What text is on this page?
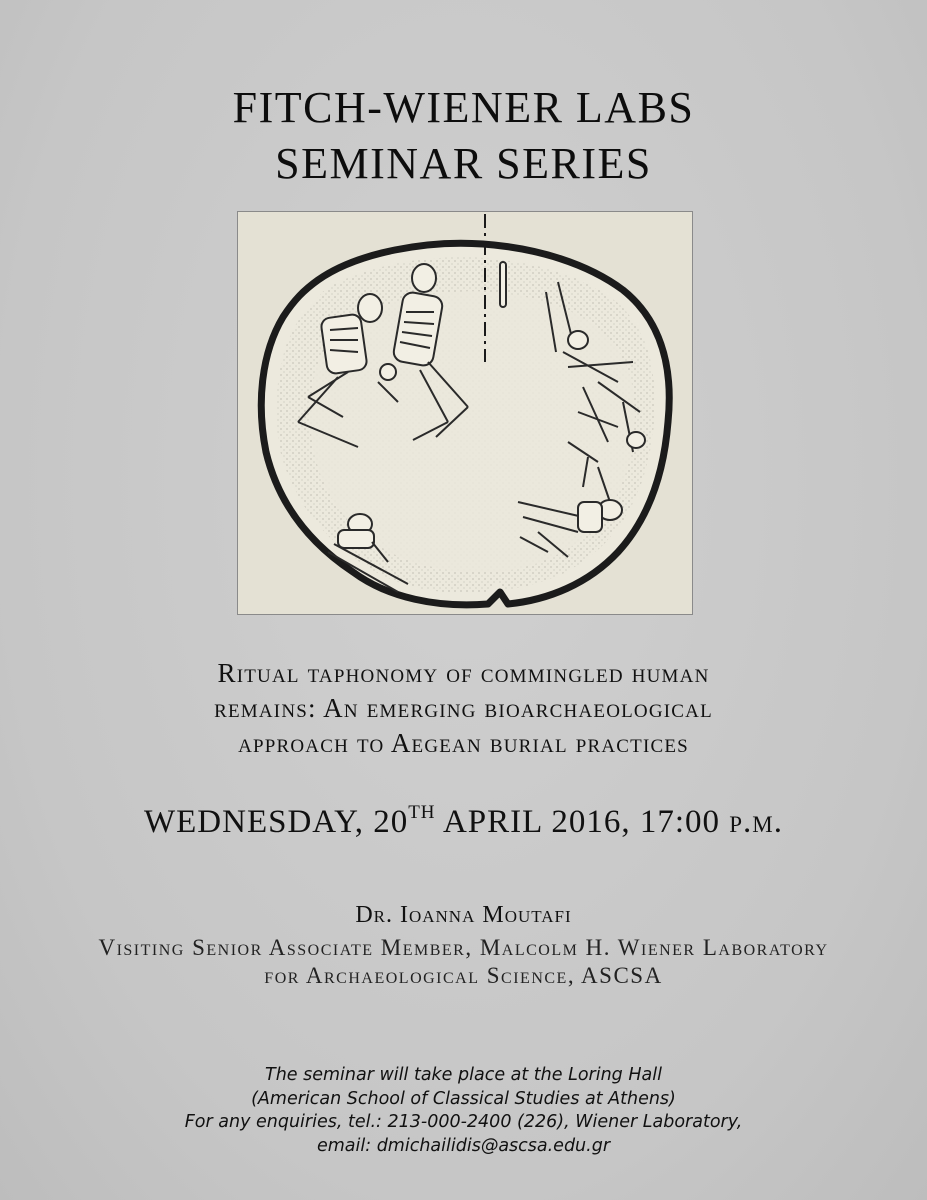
FITCH-WIENER LABS
SEMINAR SERIES
Ritual taphonomy of commingled human
remains: An emerging bioarchaeological
approach to Aegean burial practices
WEDNESDAY, 20TH APRIL 2016, 17:00 p.m.
Dr. Ioanna Moutafi
Visiting Senior Associate Member, Malcolm H. Wiener Laboratory
for Archaeological Science, ASCSA
The seminar will take place at the Loring Hall
(American School of Classical Studies at Athens)
For any enquiries, tel.: 213-000-2400 (226), Wiener Laboratory,
email: dmichailidis@ascsa.edu.gr
